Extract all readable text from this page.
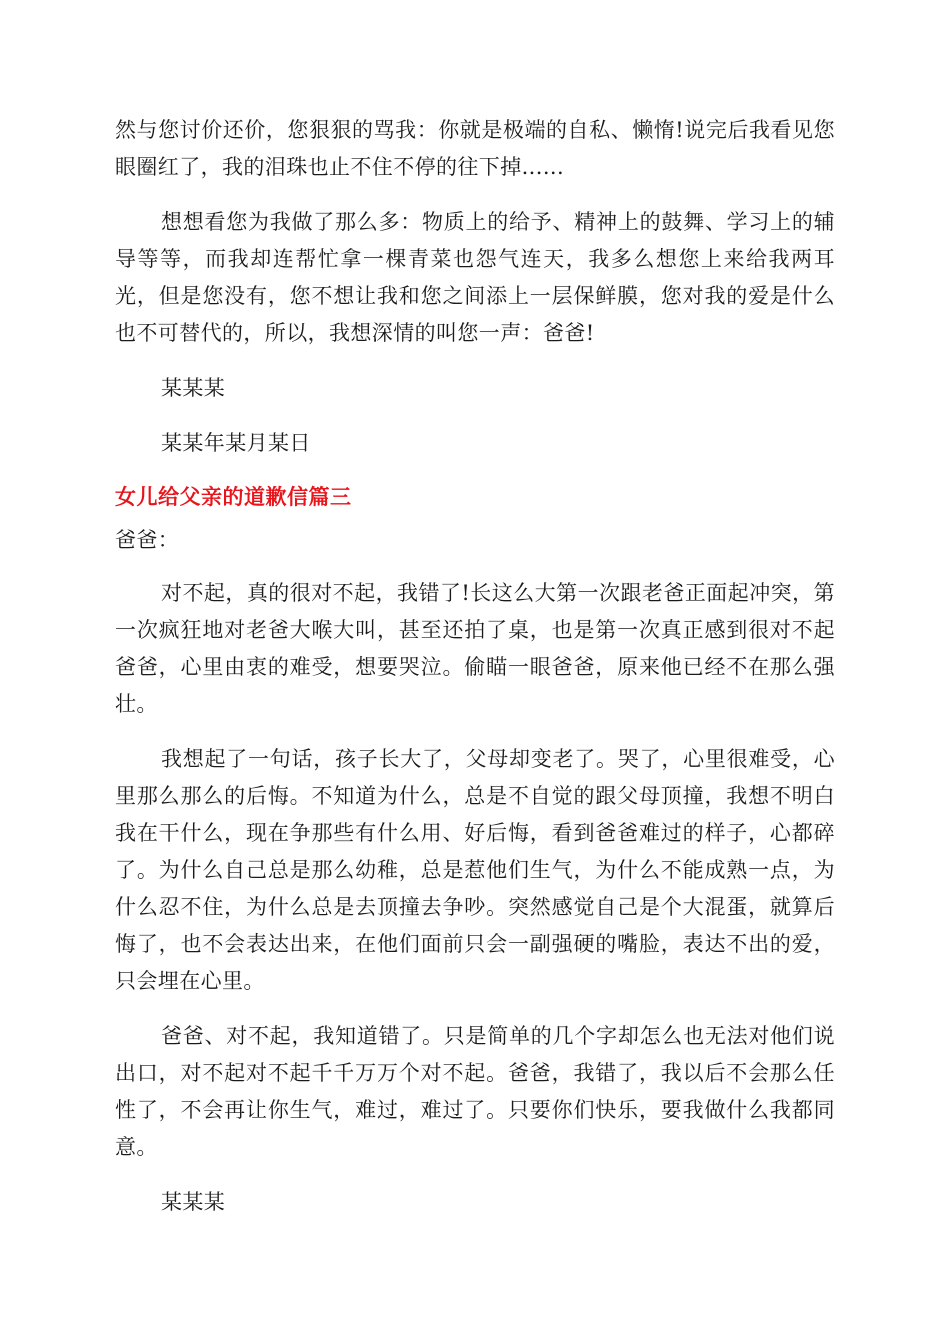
然与您讨价还价，您狠狠的骂我：你就是极端的自私、懒惰!说完后我看见您眼圈红了，我的泪珠也止不住不停的往下掉......

想想看您为我做了那么多：物质上的给予、精神上的鼓舞、学习上的辅导等等，而我却连帮忙拿一棵青菜也怨气连天，我多么想您上来给我两耳光，但是您没有，您不想让我和您之间添上一层保鲜膜，您对我的爱是什么也不可替代的，所以，我想深情的叫您一声：爸爸!

某某某

某某年某月某日

女儿给父亲的道歉信篇三

爸爸：

对不起，真的很对不起，我错了!长这么大第一次跟老爸正面起冲突，第一次疯狂地对老爸大喉大叫，甚至还拍了桌，也是第一次真正感到很对不起爸爸，心里由衷的难受，想要哭泣。偷瞄一眼爸爸，原来他已经不在那么强壮。

我想起了一句话，孩子长大了，父母却变老了。哭了，心里很难受，心里那么那么的后悔。不知道为什么，总是不自觉的跟父母顶撞，我想不明白我在干什么，现在争那些有什么用、好后悔，看到爸爸难过的样子，心都碎了。为什么自己总是那么幼稚，总是惹他们生气，为什么不能成熟一点，为什么忍不住，为什么总是去顶撞去争吵。突然感觉自己是个大混蛋，就算后悔了，也不会表达出来，在他们面前只会一副强硬的嘴脸，表达不出的爱，只会埋在心里。

爸爸、对不起，我知道错了。只是简单的几个字却怎么也无法对他们说出口，对不起对不起千千万万个对不起。爸爸，我错了，我以后不会那么任性了，不会再让你生气，难过，难过了。只要你们快乐，要我做什么我都同意。

某某某
